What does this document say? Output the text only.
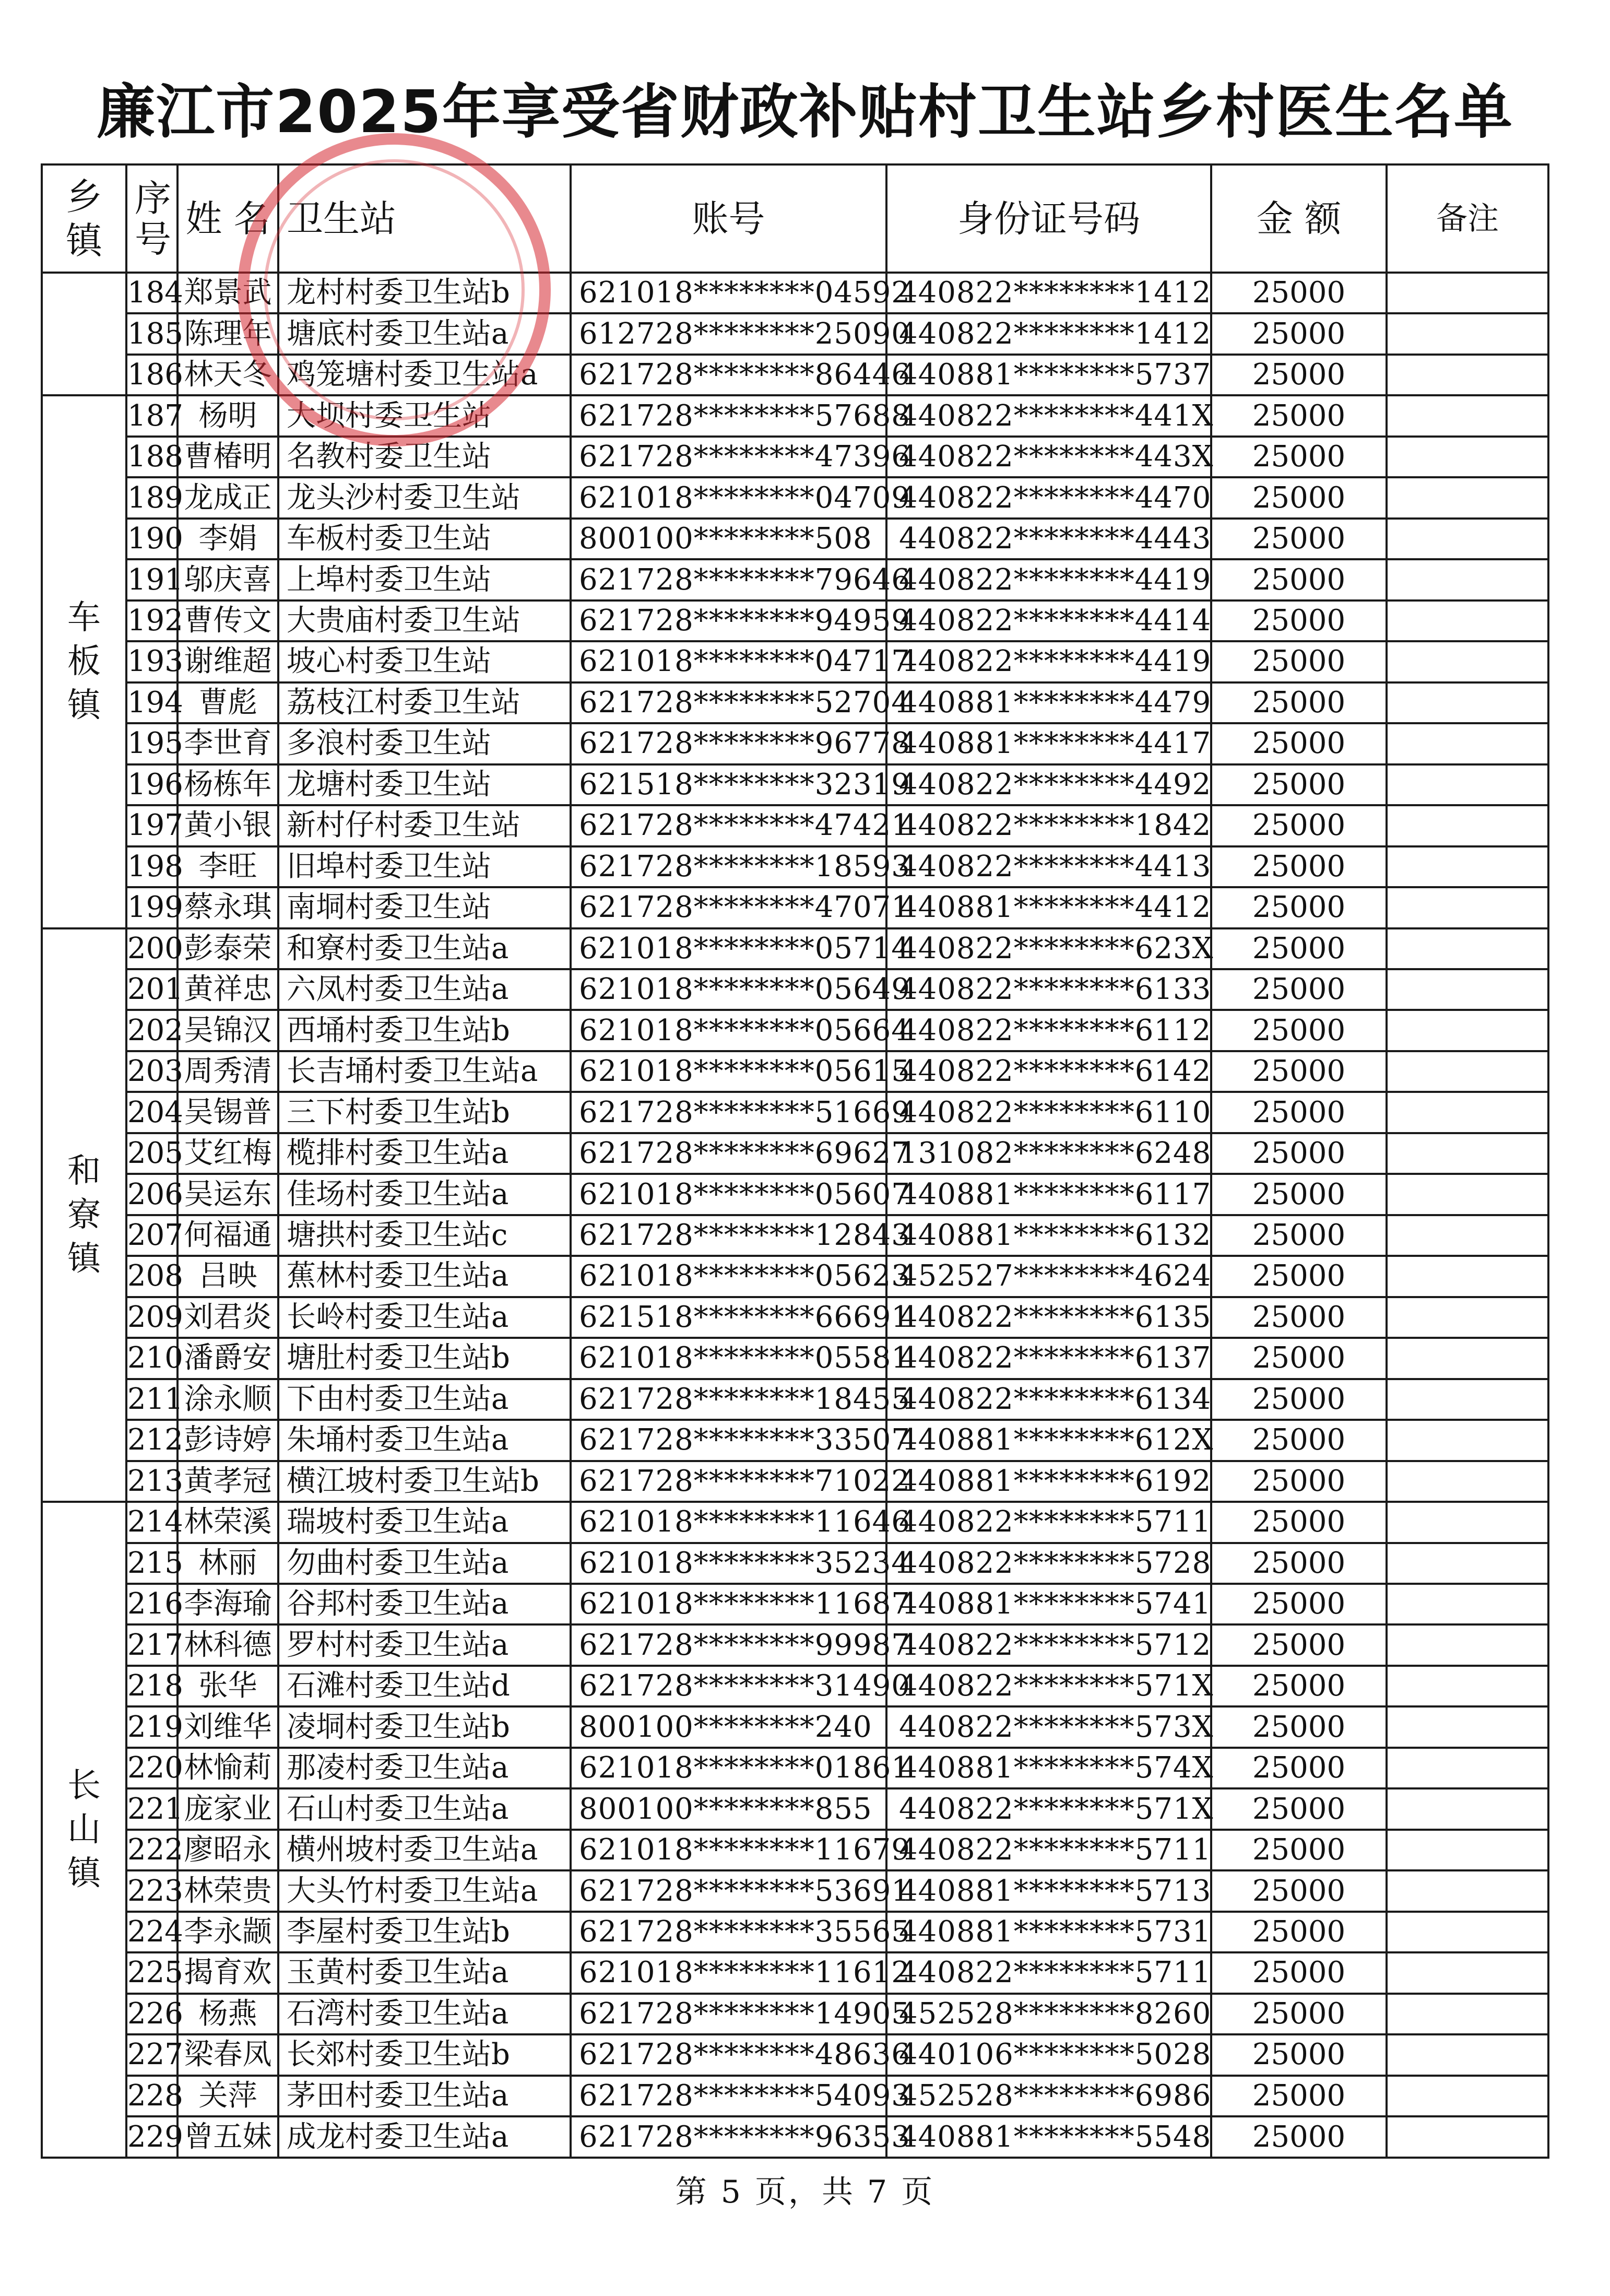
廉江市2025年享受省财政补贴村卫生站乡村医生名单
乡镇	序号	姓 名	卫生站	账号	身份证号码	金 额	备注
	184	郑景武	龙村村委卫生站b	621018********04592	440822********1412	25000	
	185	陈理年	塘底村委卫生站a	612728********25090	440822********1412	25000	
	186	林天冬	鸡笼塘村委卫生站a	621728********86446	440881********5737	25000	
车板镇	187	杨明	大坝村委卫生站	621728********57688	440822********441X	25000	
	188	曹椿明	名教村委卫生站	621728********47396	440822********443X	25000	
	189	龙成正	龙头沙村委卫生站	621018********04709	440822********4470	25000	
	190	李娟	车板村委卫生站	800100********508	440822********4443	25000	
	191	邬庆喜	上埠村委卫生站	621728********79646	440822********4419	25000	
	192	曹传文	大贵庙村委卫生站	621728********94959	440822********4414	25000	
	193	谢维超	坡心村委卫生站	621018********04717	440822********4419	25000	
	194	曹彪	荔枝江村委卫生站	621728********52704	440881********4479	25000	
	195	李世育	多浪村委卫生站	621728********96778	440881********4417	25000	
	196	杨栋年	龙塘村委卫生站	621518********32319	440822********4492	25000	
	197	黄小银	新村仔村委卫生站	621728********47421	440822********1842	25000	
	198	李旺	旧埠村委卫生站	621728********18593	440822********4413	25000	
	199	蔡永琪	南垌村委卫生站	621728********47071	440881********4412	25000	
和寮镇	200	彭泰荣	和寮村委卫生站a	621018********05714	440822********623X	25000	
	201	黄祥忠	六凤村委卫生站a	621018********05649	440822********6133	25000	
	202	吴锦汉	西埇村委卫生站b	621018********05664	440822********6112	25000	
	203	周秀清	长吉埇村委卫生站a	621018********05615	440822********6142	25000	
	204	吴锡普	三下村委卫生站b	621728********51669	440822********6110	25000	
	205	艾红梅	榄排村委卫生站a	621728********69627	131082********6248	25000	
	206	吴运东	佳场村委卫生站a	621018********05607	440881********6117	25000	
	207	何福通	塘拱村委卫生站c	621728********12843	440881********6132	25000	
	208	吕映	蕉林村委卫生站a	621018********05623	452527********4624	25000	
	209	刘君炎	长岭村委卫生站a	621518********66691	440822********6135	25000	
	210	潘爵安	塘肚村委卫生站b	621018********05581	440822********6137	25000	
	211	涂永顺	下由村委卫生站a	621728********18455	440822********6134	25000	
	212	彭诗婷	朱埇村委卫生站a	621728********33507	440881********612X	25000	
	213	黄孝冠	横江坡村委卫生站b	621728********71022	440881********6192	25000	
长山镇	214	林荣溪	瑞坡村委卫生站a	621018********11646	440822********5711	25000	
	215	林丽	勿曲村委卫生站a	621018********35234	440822********5728	25000	
	216	李海瑜	谷邦村委卫生站a	621018********11687	440881********5741	25000	
	217	林科德	罗村村委卫生站a	621728********99987	440822********5712	25000	
	218	张华	石滩村委卫生站d	621728********31490	440822********571X	25000	
	219	刘维华	凌垌村委卫生站b	800100********240	440822********573X	25000	
	220	林愉莉	那凌村委卫生站a	621018********01861	440881********574X	25000	
	221	庞家业	石山村委卫生站a	800100********855	440822********571X	25000	
	222	廖昭永	横州坡村委卫生站a	621018********11679	440822********5711	25000	
	223	林荣贵	大头竹村委卫生站a	621728********53691	440881********5713	25000	
	224	李永颛	李屋村委卫生站b	621728********35565	440881********5731	25000	
	225	揭育欢	玉黄村委卫生站a	621018********11612	440822********5711	25000	
	226	杨燕	石湾村委卫生站a	621728********14905	452528********8260	25000	
	227	梁春凤	长郊村委卫生站b	621728********48636	440106********5028	25000	
	228	关萍	茅田村委卫生站a	621728********54093	452528********6986	25000	
	229	曾五妹	成龙村委卫生站a	621728********96353	440881********5548	25000	
第 5 页，共 7 页
